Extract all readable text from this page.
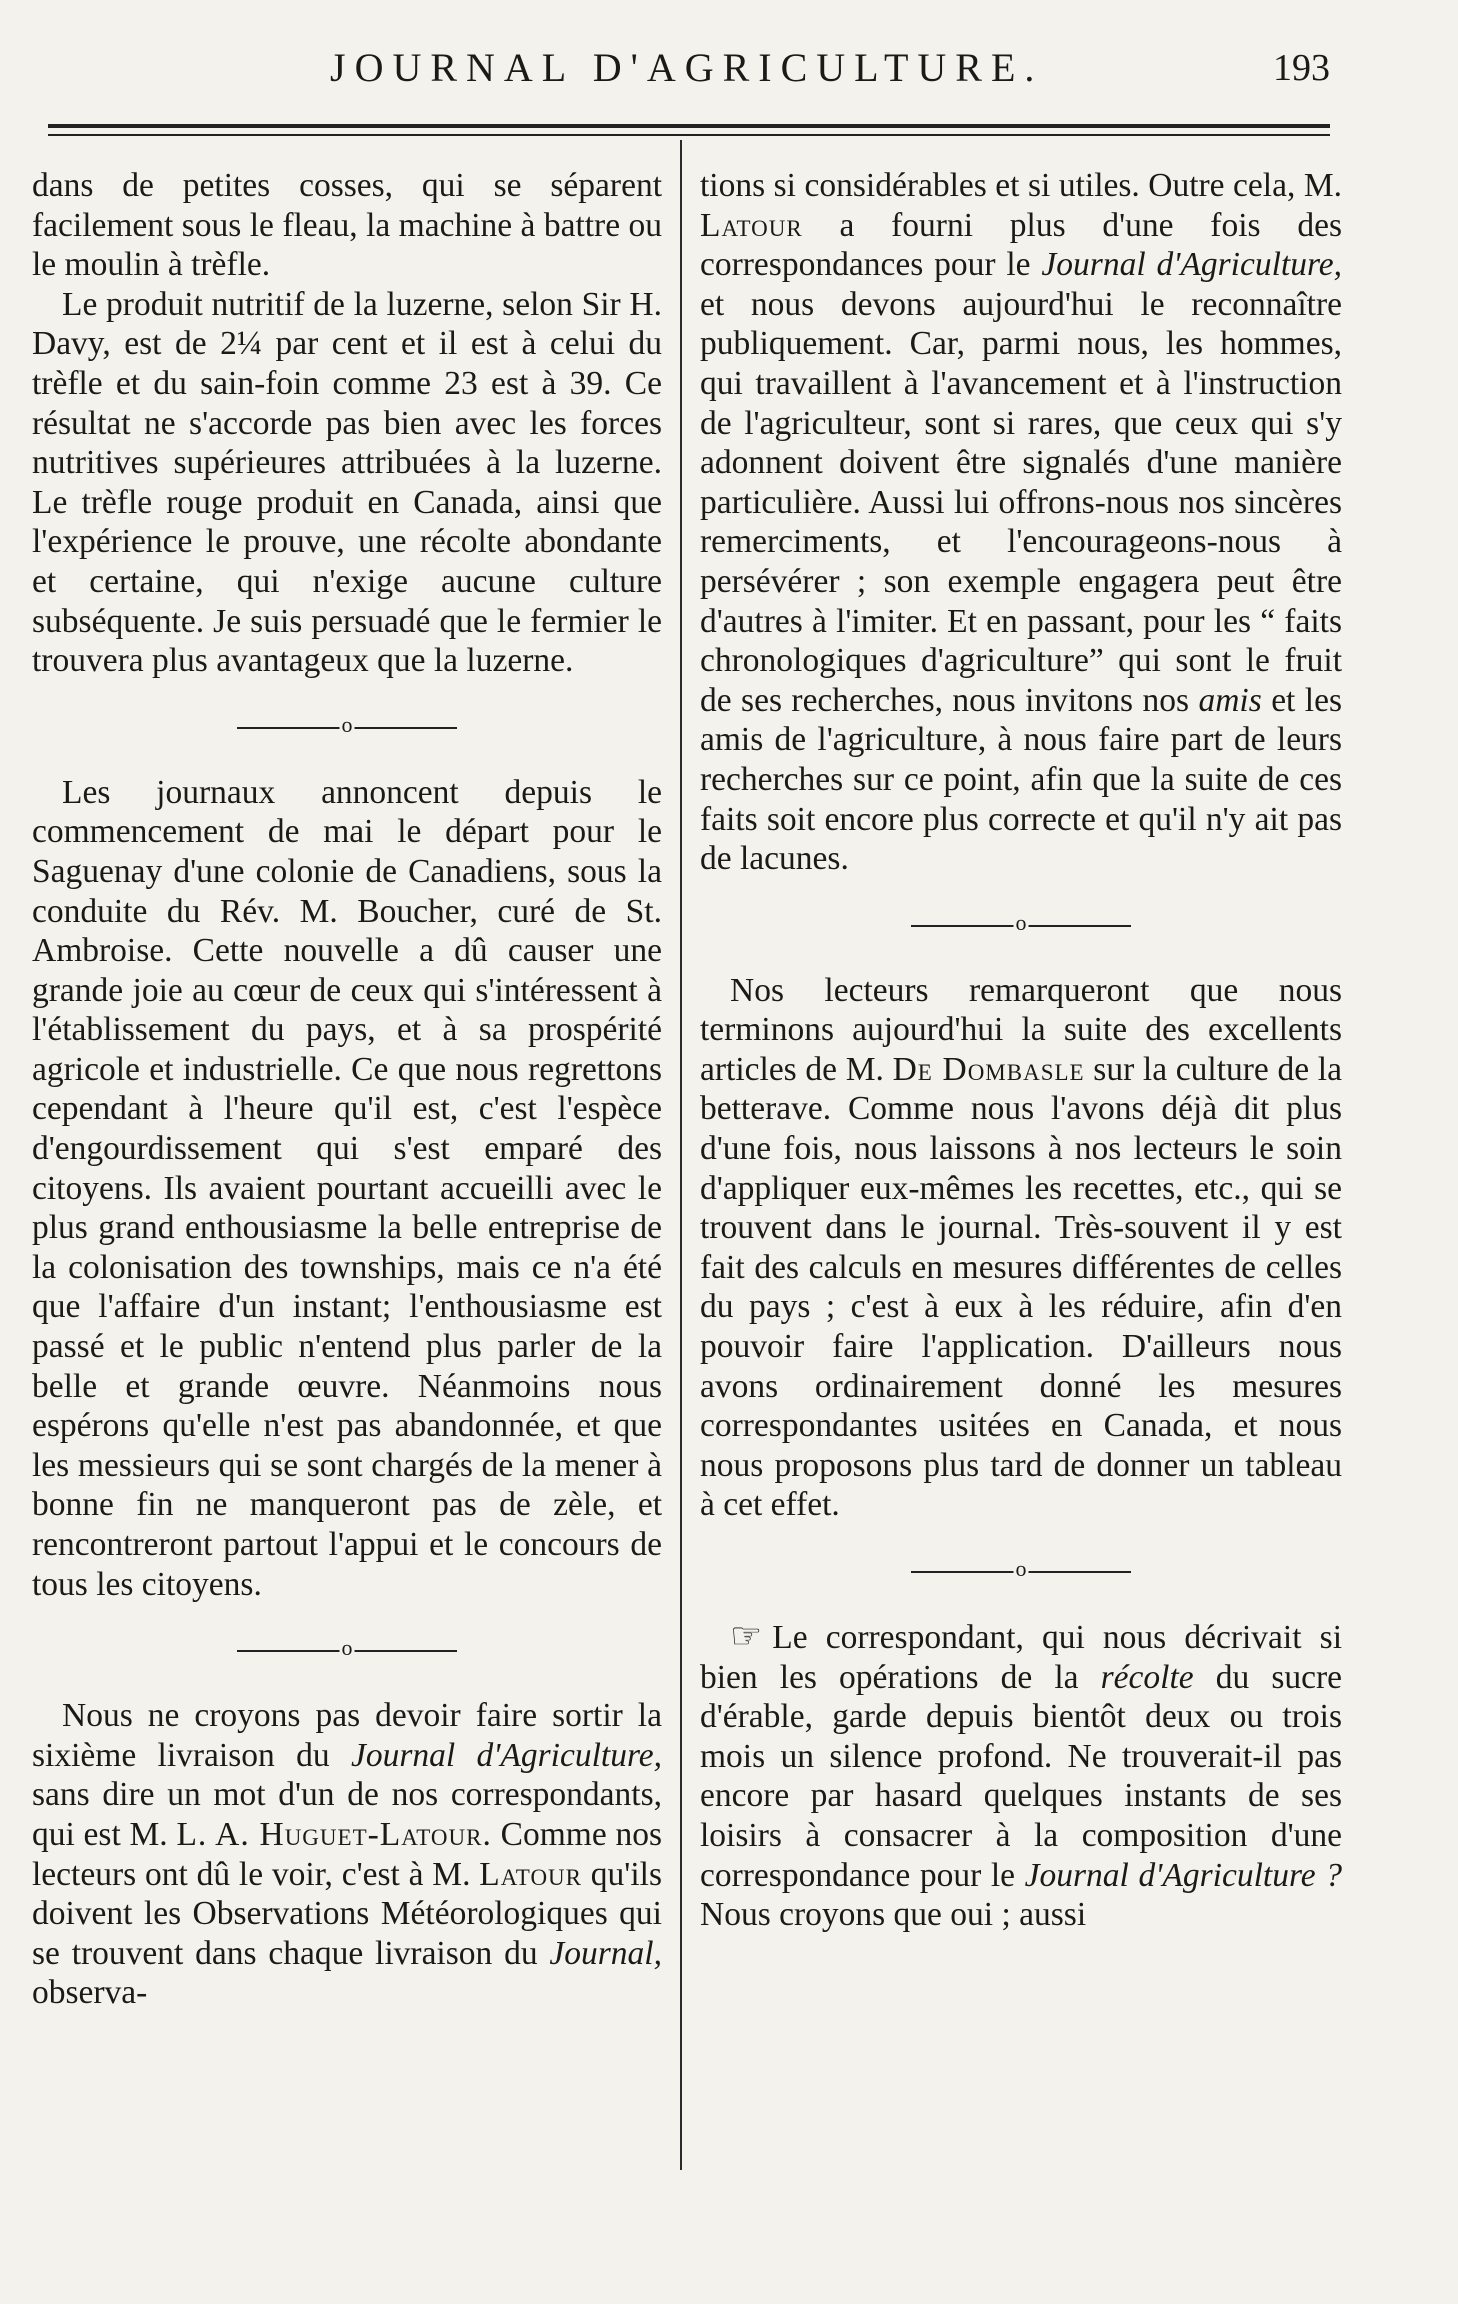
JOURNAL D'AGRICULTURE.	193

dans de petites cosses, qui se séparent facilement sous le fleau, la machine à battre ou le moulin à trèfle.

Le produit nutritif de la luzerne, selon Sir H. Davy, est de 2¼ par cent et il est à celui du trèfle et du sain-foin comme 23 est à 39. Ce résultat ne s'accorde pas bien avec les forces nutritives supérieures attribuées à la luzerne. Le trèfle rouge produit en Canada, ainsi que l'expérience le prouve, une récolte abondante et certaine, qui n'exige aucune culture subséquente. Je suis persuadé que le fermier le trouvera plus avantageux que la luzerne.

o

Les journaux annoncent depuis le commencement de mai le départ pour le Saguenay d'une colonie de Canadiens, sous la conduite du Rév. M. Boucher, curé de St. Ambroise. Cette nouvelle a dû causer une grande joie au cœur de ceux qui s'intéressent à l'établissement du pays, et à sa prospérité agricole et industrielle. Ce que nous regrettons cependant à l'heure qu'il est, c'est l'espèce d'engourdissement qui s'est emparé des citoyens. Ils avaient pourtant accueilli avec le plus grand enthousiasme la belle entreprise de la colonisation des townships, mais ce n'a été que l'affaire d'un instant; l'enthousiasme est passé et le public n'entend plus parler de la belle et grande œuvre. Néanmoins nous espérons qu'elle n'est pas abandonnée, et que les messieurs qui se sont chargés de la mener à bonne fin ne manqueront pas de zèle, et rencontreront partout l'appui et le concours de tous les citoyens.

o

Nous ne croyons pas devoir faire sortir la sixième livraison du Journal d'Agriculture, sans dire un mot d'un de nos correspondants, qui est M. L. A. Huguet-Latour. Comme nos lecteurs ont dû le voir, c'est à M. Latour qu'ils doivent les Observations Météorologiques qui se trouvent dans chaque livraison du Journal, observa-

tions si considérables et si utiles. Outre cela, M. Latour a fourni plus d'une fois des correspondances pour le Journal d'Agriculture, et nous devons aujourd'hui le reconnaître publiquement. Car, parmi nous, les hommes, qui travaillent à l'avancement et à l'instruction de l'agriculteur, sont si rares, que ceux qui s'y adonnent doivent être signalés d'une manière particulière. Aussi lui offrons-nous nos sincères remerciments, et l'encourageons-nous à persévérer ; son exemple engagera peut être d'autres à l'imiter. Et en passant, pour les “ faits chronologiques d'agriculture” qui sont le fruit de ses recherches, nous invitons nos amis et les amis de l'agriculture, à nous faire part de leurs recherches sur ce point, afin que la suite de ces faits soit encore plus correcte et qu'il n'y ait pas de lacunes.

o

Nos lecteurs remarqueront que nous terminons aujourd'hui la suite des excellents articles de M. De Dombasle sur la culture de la betterave. Comme nous l'avons déjà dit plus d'une fois, nous laissons à nos lecteurs le soin d'appliquer eux-mêmes les recettes, etc., qui se trouvent dans le journal. Très-souvent il y est fait des calculs en mesures différentes de celles du pays ; c'est à eux à les réduire, afin d'en pouvoir faire l'application. D'ailleurs nous avons ordinairement donné les mesures correspondantes usitées en Canada, et nous nous proposons plus tard de donner un tableau à cet effet.

o

☞ Le correspondant, qui nous décrivait si bien les opérations de la récolte du sucre d'érable, garde depuis bientôt deux ou trois mois un silence profond. Ne trouverait-il pas encore par hasard quelques instants de ses loisirs à consacrer à la composition d'une correspondance pour le Journal d'Agriculture ? Nous croyons que oui ; aussi
